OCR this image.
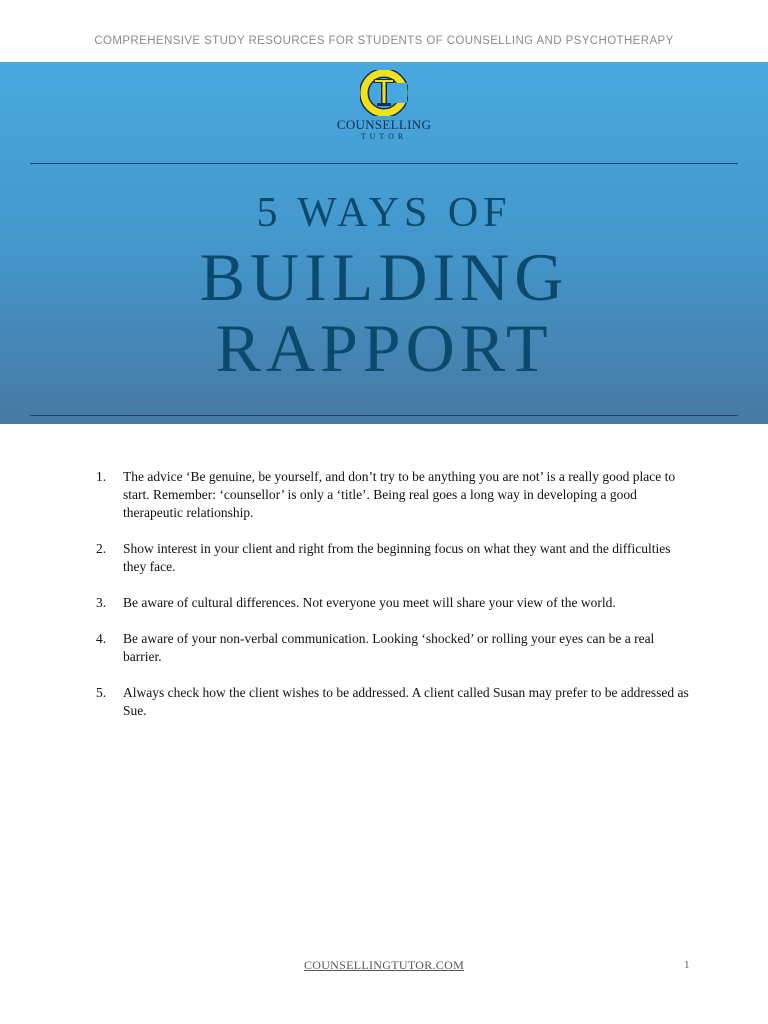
COMPREHENSIVE STUDY RESOURCES FOR STUDENTS OF COUNSELLING AND PSYCHOTHERAPY
COUNSELLING
TUTOR
5 WAYS OF
BUILDING
RAPPORT
1.	The advice ‘Be genuine, be yourself, and don’t try to be anything you are not’ is a really good place to start. Remember: ‘counsellor’ is only a ‘title’. Being real goes a long way in developing a good therapeutic relationship.
2.	Show interest in your client and right from the beginning focus on what they want and the difficulties they face.
3.	Be aware of cultural differences. Not everyone you meet will share your view of the world.
4.	Be aware of your non-verbal communication. Looking ‘shocked’ or rolling your eyes can be a real barrier.
5.	Always check how the client wishes to be addressed. A client called Susan may prefer to be addressed as Sue.
COUNSELLINGTUTOR.COM	1
